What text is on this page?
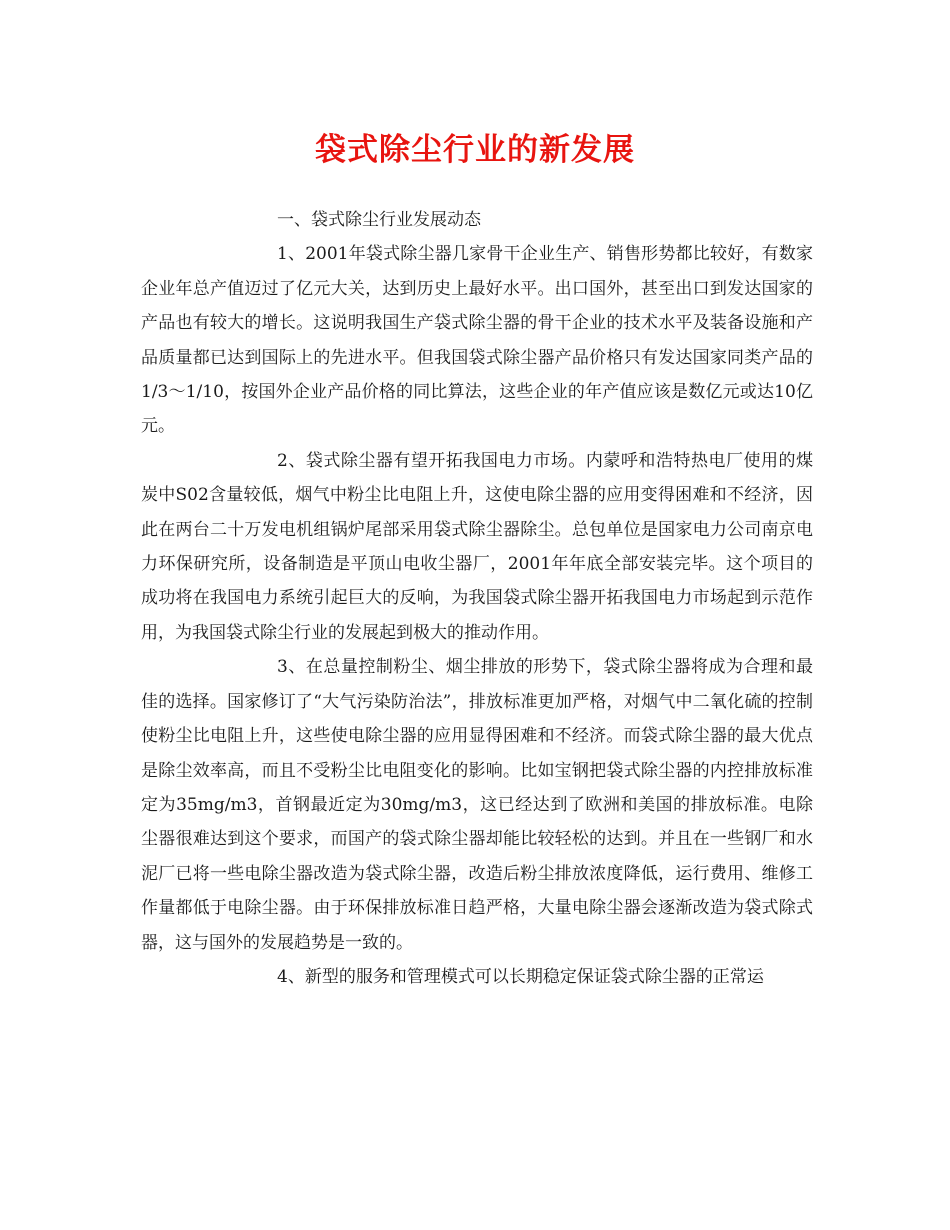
袋式除尘行业的新发展

一、袋式除尘行业发展动态

1、2001年袋式除尘器几家骨干企业生产、销售形势都比较好，有数家企业年总产值迈过了亿元大关，达到历史上最好水平。出口国外，甚至出口到发达国家的产品也有较大的增长。这说明我国生产袋式除尘器的骨干企业的技术水平及装备设施和产品质量都已达到国际上的先进水平。但我国袋式除尘器产品价格只有发达国家同类产品的1/3～1/10，按国外企业产品价格的同比算法，这些企业的年产值应该是数亿元或达10亿元。

2、袋式除尘器有望开拓我国电力市场。内蒙呼和浩特热电厂使用的煤炭中S02含量较低，烟气中粉尘比电阻上升，这使电除尘器的应用变得困难和不经济，因此在两台二十万发电机组锅炉尾部采用袋式除尘器除尘。总包单位是国家电力公司南京电力环保研究所，设备制造是平顶山电收尘器厂，2001年年底全部安装完毕。这个项目的成功将在我国电力系统引起巨大的反响，为我国袋式除尘器开拓我国电力市场起到示范作用，为我国袋式除尘行业的发展起到极大的推动作用。

3、在总量控制粉尘、烟尘排放的形势下，袋式除尘器将成为合理和最佳的选择。国家修订了“大气污染防治法”，排放标准更加严格，对烟气中二氧化硫的控制使粉尘比电阻上升，这些使电除尘器的应用显得困难和不经济。而袋式除尘器的最大优点是除尘效率高，而且不受粉尘比电阻变化的影响。比如宝钢把袋式除尘器的内控排放标准定为35mg/m3，首钢最近定为30mg/m3，这已经达到了欧洲和美国的排放标准。电除尘器很难达到这个要求，而国产的袋式除尘器却能比较轻松的达到。并且在一些钢厂和水泥厂已将一些电除尘器改造为袋式除尘器，改造后粉尘排放浓度降低，运行费用、维修工作量都低于电除尘器。由于环保排放标准日趋严格，大量电除尘器会逐渐改造为袋式除式器，这与国外的发展趋势是一致的。

4、新型的服务和管理模式可以长期稳定保证袋式除尘器的正常运
